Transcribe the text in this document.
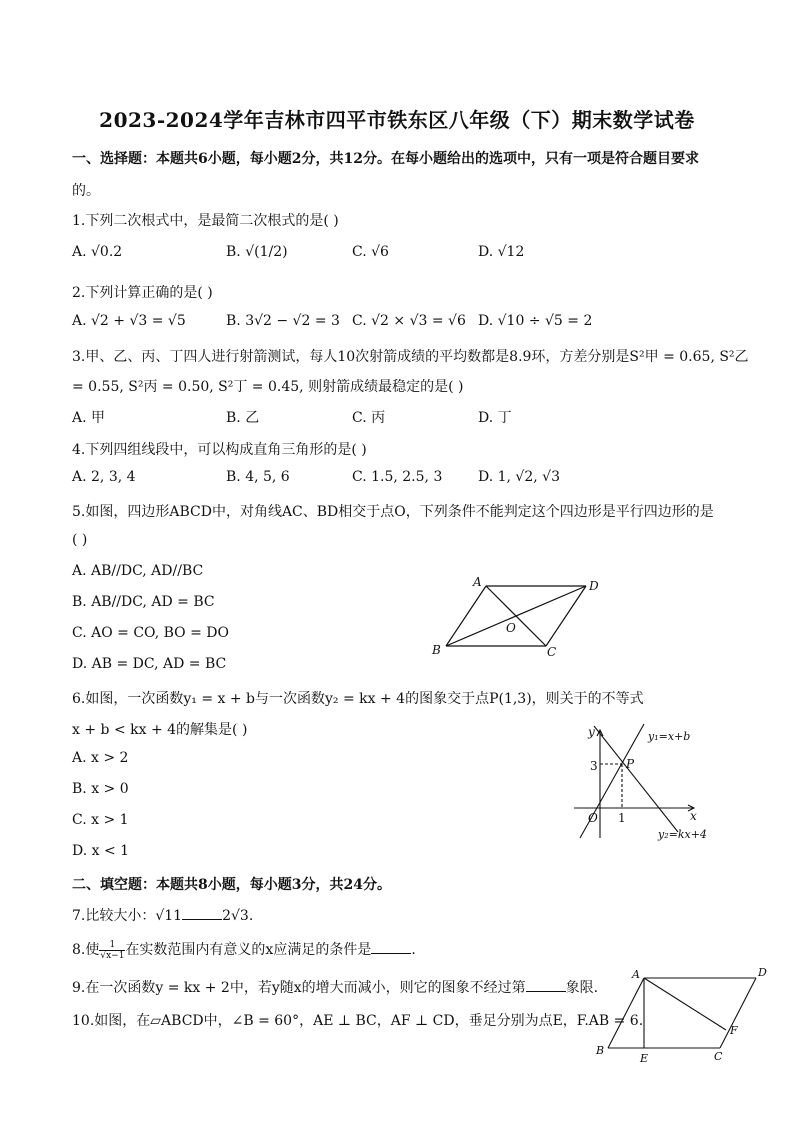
2023-2024学年吉林市四平市铁东区八年级（下）期末数学试卷
一、选择题：本题共6小题，每小题2分，共12分。在每小题给出的选项中，只有一项是符合题目要求
的。
1.下列二次根式中，是最简二次根式的是( )
A. √0.2	B. √(1/2)	C. √6	D. √12
2.下列计算正确的是( )
A. √2 + √3 = √5	B. 3√2 − √2 = 3 C. √2 × √3 = √6 D. √10 ÷ √5 = 2
3.甲、乙、丙、丁四人进行射箭测试，每人10次射箭成绩的平均数都是8.9环，方差分别是S²甲 = 0.65, S²乙
= 0.55, S²丙 = 0.50, S²丁 = 0.45, 则射箭成绩最稳定的是( )
A. 甲	B. 乙	C. 丙	D. 丁
4.下列四组线段中，可以构成直角三角形的是( )
A. 2, 3, 4	B. 4, 5, 6	C. 1.5, 2.5, 3	D. 1, √2, √3
5.如图，四边形ABCD中，对角线AC、BD相交于点O，下列条件不能判定这个四边形是平行四边形的是
( )
A. AB//DC, AD//BC
B. AB//DC, AD = BC
C. AO = CO, BO = DO
D. AB = DC, AD = BC
A	D
B	C
O
6.如图，一次函数y₁ = x + b与一次函数y₂ = kx + 4的图象交于点P(1,3)，则关于的不等式
x + b < kx + 4的解集是( )
A. x > 2
B. x > 0
C. x > 1
D. x < 1
y
x
O
P
3
1
y₁=x+b
y₂=kx+4
二、填空题：本题共8小题，每小题3分，共24分。
7.比较大小：√11	2√3.
8.使 $\frac{1}{√x-1}$ 在实数范围内有意义的x应满足的条件是	.
9.在一次函数y = kx + 2中，若y随x的增大而减小，则它的图象不经过第	象限.
10.如图，在▱ABCD中，∠B = 60°，AE ⊥ BC，AF ⊥ CD，垂足分别为点E，F.AB = 6.
A	D
B
E	C
F
